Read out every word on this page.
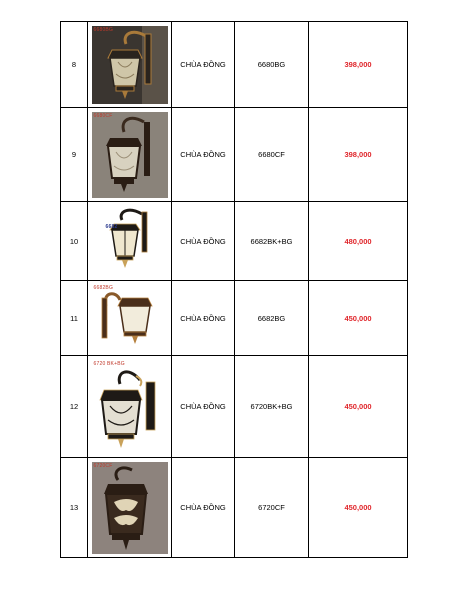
8	6680BG	CHÙA ĐỒNG	6680BG	398,000
9	6680CF	CHÙA ĐỒNG	6680CF	398,000
10	6682	CHÙA ĐỒNG	6682BK+BG	480,000
11	6682BG	CHÙA ĐỒNG	6682BG	450,000
12	6720 BK+BG	CHÙA ĐỒNG	6720BK+BG	450,000
13	6720CF	CHÙA ĐỒNG	6720CF	450,000
